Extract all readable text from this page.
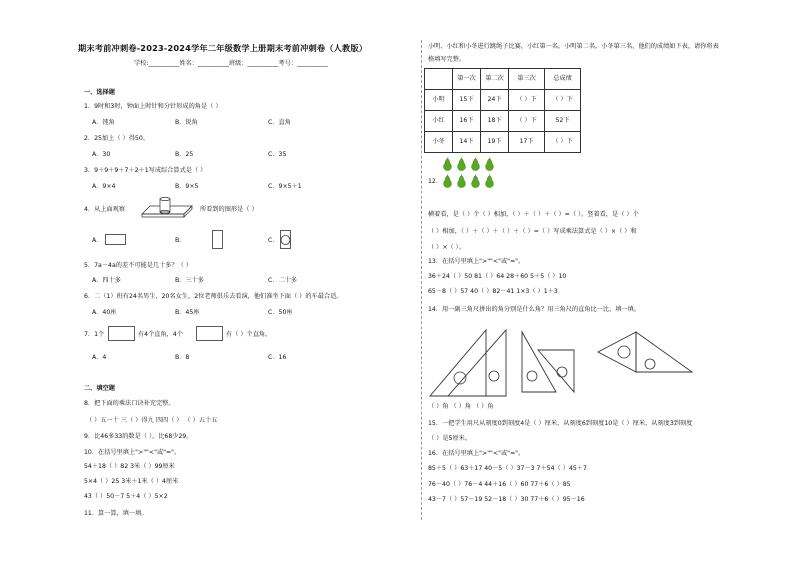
期末考前冲刺卷-2023-2024学年二年级数学上册期末考前冲刺卷（人教版）
学校:__________姓名：__________班级：__________考号：__________
一、选择题
1．9时和3时，钟面上时针和分针形成的角是（ ）
A．钝角	B．锐角	C．直角
2．25加上（ ）得50。
A．30	B．25	C．35
3．9＋9＋9＋7＋2＋1写成综合算式是（ ）
A．9×4	B．9×5	C．9×5＋1
4．从上面观察	所看到的图形是（ ）
A．	B．	C．
5．7a－4a的差不可能是几十多？（ ）
A．四十多	B．三十多	C．二十多
6．二（1）班有24名男生，20名女生，2位老师俱乐去看演，他们准坐下面（ ）的车最合适。
A．40座	B．45座	C．50座
7．1个	有4个直角，4个	有（ ）个直角。
A．4	B．8	C．16
二、填空题
8．把下面的乘法口诀补充完整。
（ ）五一十 三（ ）得九 四四（ ） （ ）五十五
9．比46多33的数是（ ），比68少29。
10．在括号里填上">""<"或"="。
54＋18（ ）82 3米（ ）99厘米
5×4（ ）25 3米＋1米（ ）4厘米
43（ ）50－7 5＋4（ ）5×2
11．算一算，填一填。
小明、小红和小冬进行跳绳子比赛，小红第一名，小明第二名，小冬第三名，他们的成绩如下表，请你将表
格填写完整。
	第一次	第二次	第三次	总成绩
小明	15下	24下	（ ）下	（ ）下
小红	16下	18下	（ ）下	52下
小冬	14下	19下	17下	（ ）下
12．
横着看，是（ ）个（ ）相加，（ ）＋（ ）＋（ ）=（ ）。竖着看，是（ ）个
（ ）相加，（ ）＋（ ）＋（ ）＋（ ）=（ ）写成乘法算式是（ ）×（ ）和
（ ）×（ ）。
13．在括号里填上">""<"或"="。
36＋24（ ）50 81（ ）64 28＋60 5＋5（ ）10
65－8（ ）57 40（ ）82－41 1×3（ ）1＋3
14．用一副三角尺拼出的角分别是什么角？用三角尺的直角比一比，填一填。
（ ）角 （ ）角 （ ）角
15．一把学生用尺从刻度0到刻度4是（ ）厘米，从刻度6到刻度10是（ ）厘米，从刻度3到刻度
（ ）是5厘米。
16．在括号里填上">""<"或"="。
85＋5（ ）63＋17 40－5（ ）37－3 7＋54（ ）45＋7
76－40（ ）76－4 44＋16（ ）60 77＋6（ ）85
43－7（ ）57－19 52－18（ ）30 77＋6（ ）95－16
